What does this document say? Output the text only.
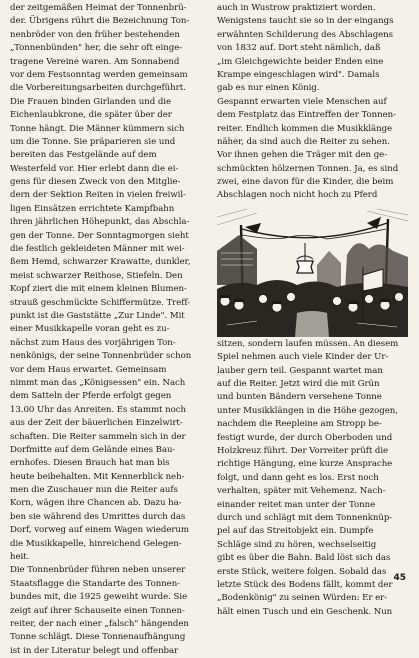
der zeitgemäßen Heimat der Tonnenbrü-
der. Übrigens rührt die Bezeichnung Ton-
nenbröder von den früher bestehenden
„Tonnenbünden" her, die sehr oft einge-
tragene Vereine waren. Am Sonnabend
vor dem Festsonntag werden gemeinsam
die Vorbereitungsarbeiten durchgeführt.
Die Frauen binden Girlanden und die
Eichenlaubkrone, die später über der
Tonne hängt. Die Männer kümmern sich
um die Tonne. Sie präparieren sie und
bereiten das Festgelände auf dem
Westerfeld vor. Hier erlebt dann die ei-
gens für diesen Zweck von den Mitglie-
dern der Sektion Reiten in vielen freiwil-
ligen Einsätzen errichtete Kampfbahn
ihren jährlichen Höhepunkt, das Abschla-
gen der Tonne. Der Sonntagmorgen sieht
die festlich gekleideten Männer mit wei-
ßem Hemd, schwarzer Krawatte, dunkler,
meist schwarzer Reithose, Stiefeln. Den
Kopf ziert die mit einem kleinen Blumen-
strauß geschmückte Schiffermütze. Treff-
punkt ist die Gaststätte „Zur Linde". Mit
einer Musikkapelle voran geht es zu-
nächst zum Haus des vorjährigen Ton-
nenkönigs, der seine Tonnenbrüder schon
vor dem Haus erwartet. Gemeinsam
nimmt man das „Königsessen" ein. Nach
dem Satteln der Pferde erfolgt gegen
13.00 Uhr das Anreiten. Es stammt noch
aus der Zeit der bäuerlichen Einzelwirt-
schaften. Die Reiter sammeln sich in der
Dorfmitte auf dem Gelände eines Bau-
ernhofes. Diesen Brauch hat man bis
heute beibehalten. Mit Kennerblick neh-
men die Zuschauer nun die Reiter aufs
Korn, wägen ihre Chancen ab. Dazu ha-
ben sie während des Umrittes durch das
Dorf, vorweg auf einem Wagen wiederum
die Musikkapelle, hinreichend Gelegen-
heit.
Die Tonnenbrüder führen neben unserer
Staatsflagge die Standarte des Tonnen-
bundes mit, die 1925 geweiht wurde. Sie
zeigt auf ihrer Schauseite einen Tonnen-
reiter, der nach einer „falsch" hängenden
Tonne schlägt. Diese Tonnenaufhängung
ist in der Literatur belegt und offenbar
auch in Wustrow praktiziert worden.
Wenigstens taucht sie so in der eingangs
erwähnten Schilderung des Abschlagens
von 1832 auf. Dort steht nämlich, daß
„im Gleichgewichte beider Enden eine
Krampe eingeschlagen wird". Damals
gab es nur einen König.
Gespannt erwarten viele Menschen auf
dem Festplatz das Eintreffen der Tonnen-
reiter. Endlich kommen die Musikklänge
näher, da sind auch die Reiter zu sehen.
Vor ihnen gehen die Träger mit den ge-
schmückten hölzernen Tonnen. Ja, es sind
zwei, eine davon für die Kinder, die beim
Abschlagen noch nicht hoch zu Pferd
sitzen, sondern laufen müssen. An diesem
Spiel nehmen auch viele Kinder der Ur-
lauber gern teil. Gespannt wartet man
auf die Reiter. Jetzt wird die mit Grün
und bunten Bändern versehene Tonne
unter Musikklängen in die Höhe gezogen,
nachdem die Reepleine am Stropp be-
festigt wurde, der durch Oberboden und
Holzkreuz führt. Der Vorreiter prüft die
richtige Hängung, eine kurze Ansprache
folgt, und dann geht es los. Erst noch
verhalten, später mit Vehemenz. Nach-
einander reitet man unter der Tonne
durch und schlägt mit dem Tonnenknüp-
pel auf das Streitobjekt ein. Dumpfe
Schläge sind zu hören, wechselseitig
gibt es über die Bahn. Bald löst sich das
erste Stück, weitere folgen. Sobald das
letzte Stück des Bodens fällt, kommt der
„Bodenkönig" zu seinen Würden: Er er-
hält einen Tusch und ein Geschenk. Nun
45
